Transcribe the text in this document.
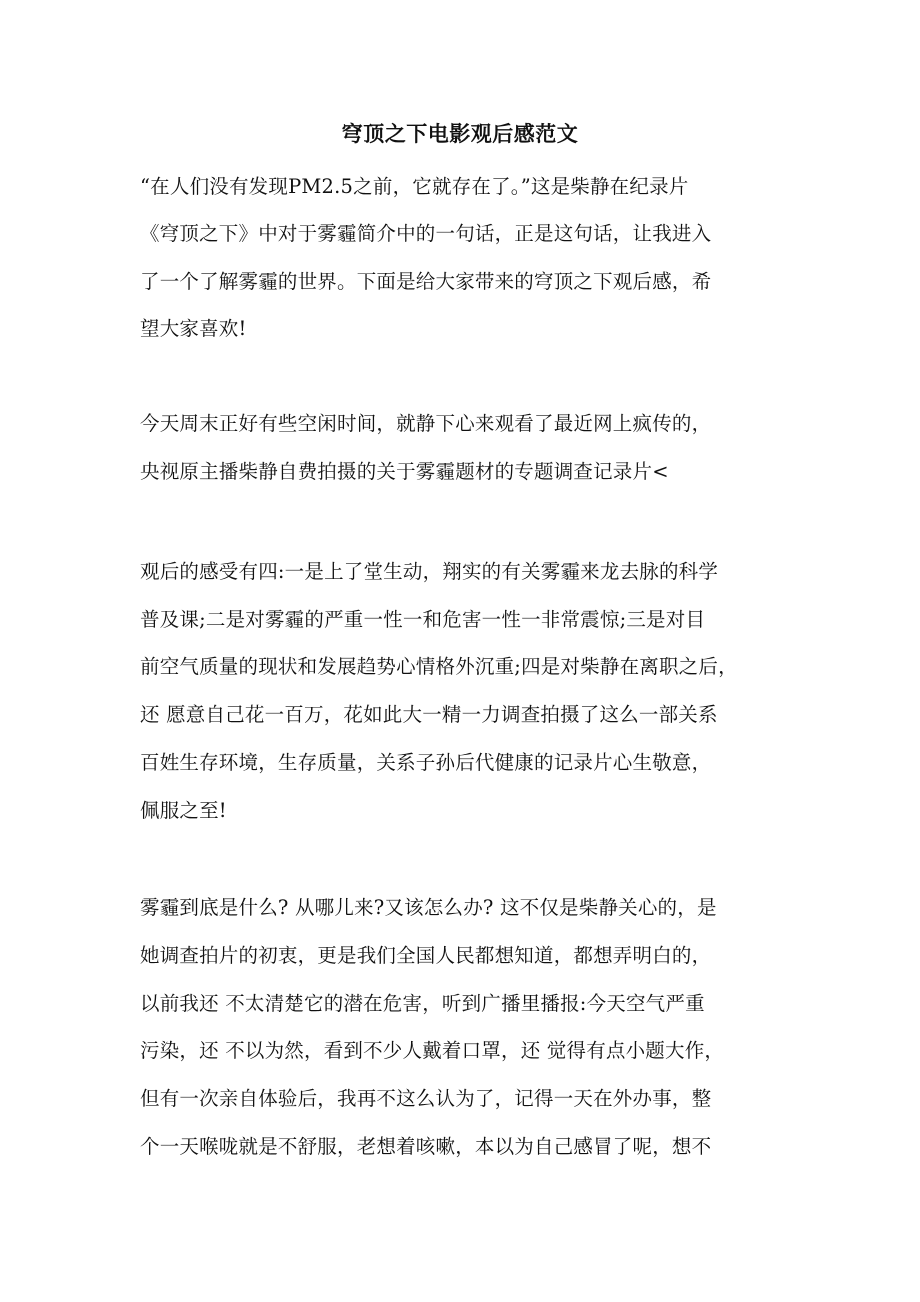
穹顶之下电影观后感范文
“在人们没有发现PM2.5之前，它就存在了。”这是柴静在纪录片
《穹顶之下》中对于雾霾简介中的一句话，正是这句话，让我进入
了一个了解雾霾的世界。下面是给大家带来的穹顶之下观后感，希
望大家喜欢!
今天周末正好有些空闲时间，就静下心来观看了最近网上疯传的，
央视原主播柴静自费拍摄的关于雾霾题材的专题调查记录片<
观后的感受有四:一是上了堂生动，翔实的有关雾霾来龙去脉的科学
普及课;二是对雾霾的严重一性一和危害一性一非常震惊;三是对目
前空气质量的现状和发展趋势心情格外沉重;四是对柴静在离职之后，
还 愿意自己花一百万，花如此大一精一力调查拍摄了这么一部关系
百姓生存环境，生存质量，关系子孙后代健康的记录片心生敬意，
佩服之至!
雾霾到底是什么? 从哪儿来?又该怎么办? 这不仅是柴静关心的，是
她调查拍片的初衷，更是我们全国人民都想知道，都想弄明白的，
以前我还 不太清楚它的潜在危害，听到广播里播报:今天空气严重
污染，还 不以为然，看到不少人戴着口罩，还 觉得有点小题大作，
但有一次亲自体验后，我再不这么认为了，记得一天在外办事，整
个一天喉咙就是不舒服，老想着咳嗽，本以为自己感冒了呢，想不
